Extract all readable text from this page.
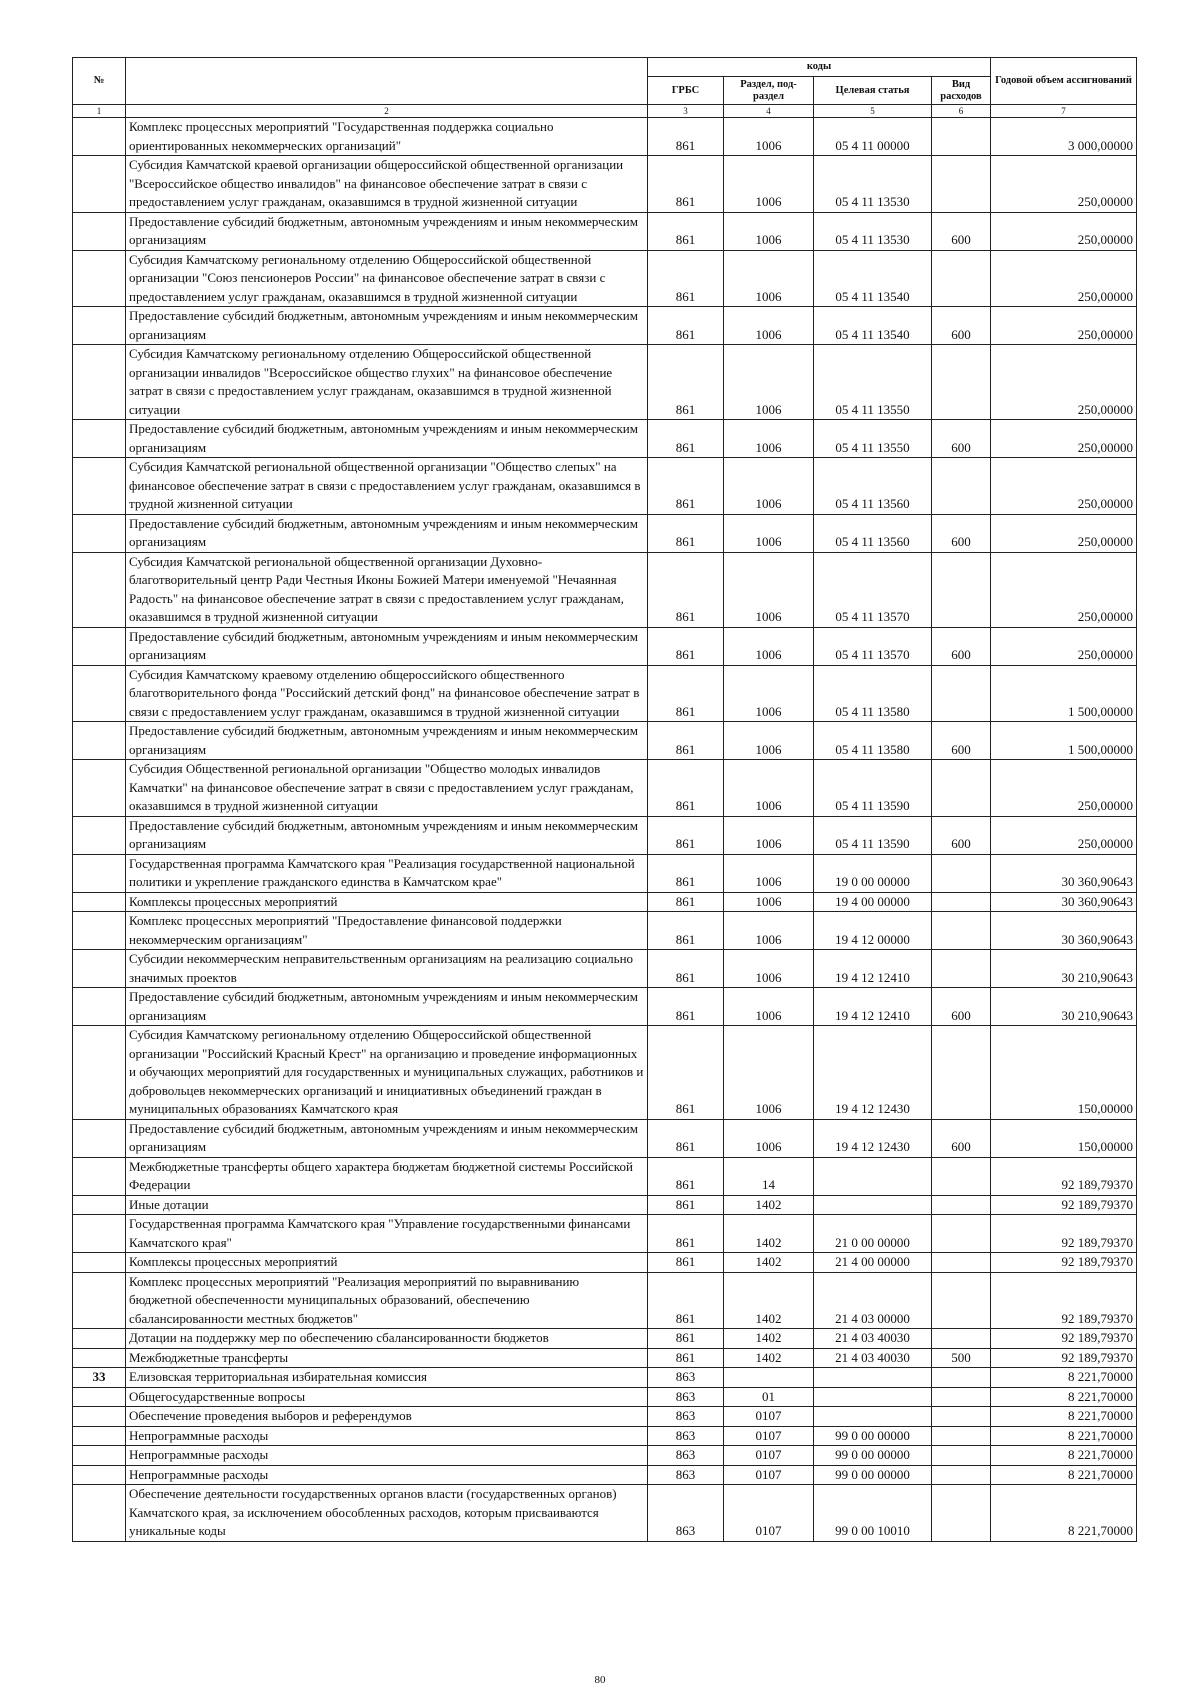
№		коды				Годовой объем ассигнований
		ГРБС	Раздел, под-раздел	Целевая статья	Вид расходов	
1	2	3	4	5	6	7
	Комплекс процессных мероприятий "Государственная поддержка социально ориентированных некоммерческих организаций"	861	1006	05 4 11 00000		3 000,00000
	Субсидия Камчатской краевой организации общероссийской общественной организации "Всероссийское общество инвалидов" на финансовое обеспечение затрат в связи с предоставлением услуг гражданам, оказавшимся в трудной жизненной ситуации	861	1006	05 4 11 13530		250,00000
	Предоставление субсидий бюджетным, автономным учреждениям и иным некоммерческим организациям	861	1006	05 4 11 13530	600	250,00000
	Субсидия Камчатскому региональному отделению Общероссийской общественной организации "Союз пенсионеров России" на финансовое обеспечение затрат в связи с предоставлением услуг гражданам, оказавшимся в трудной жизненной ситуации	861	1006	05 4 11 13540		250,00000
	Предоставление субсидий бюджетным, автономным учреждениям и иным некоммерческим организациям	861	1006	05 4 11 13540	600	250,00000
	Субсидия Камчатскому региональному отделению Общероссийской общественной организации инвалидов "Всероссийское общество глухих" на финансовое обеспечение затрат в связи с предоставлением услуг гражданам, оказавшимся в трудной жизненной ситуации	861	1006	05 4 11 13550		250,00000
	Предоставление субсидий бюджетным, автономным учреждениям и иным некоммерческим организациям	861	1006	05 4 11 13550	600	250,00000
	Субсидия Камчатской региональной общественной организации "Общество слепых" на финансовое обеспечение затрат в связи с предоставлением услуг гражданам, оказавшимся в трудной жизненной ситуации	861	1006	05 4 11 13560		250,00000
	Предоставление субсидий бюджетным, автономным учреждениям и иным некоммерческим организациям	861	1006	05 4 11 13560	600	250,00000
	Субсидия Камчатской региональной общественной организации Духовно-благотворительный центр Ради Честныя Иконы Божией Матери именуемой "Нечаянная Радость" на финансовое обеспечение затрат в связи с предоставлением услуг гражданам, оказавшимся в трудной жизненной ситуации	861	1006	05 4 11 13570		250,00000
	Предоставление субсидий бюджетным, автономным учреждениям и иным некоммерческим организациям	861	1006	05 4 11 13570	600	250,00000
	Субсидия Камчатскому краевому отделению общероссийского общественного благотворительного фонда "Российский детский фонд" на финансовое обеспечение затрат в связи с предоставлением услуг гражданам, оказавшимся в трудной жизненной ситуации	861	1006	05 4 11 13580		1 500,00000
	Предоставление субсидий бюджетным, автономным учреждениям и иным некоммерческим организациям	861	1006	05 4 11 13580	600	1 500,00000
	Субсидия Общественной региональной организации "Общество молодых инвалидов Камчатки" на финансовое обеспечение затрат в связи с предоставлением услуг гражданам, оказавшимся в трудной жизненной ситуации	861	1006	05 4 11 13590		250,00000
	Предоставление субсидий бюджетным, автономным учреждениям и иным некоммерческим организациям	861	1006	05 4 11 13590	600	250,00000
	Государственная программа Камчатского края "Реализация государственной национальной политики и укрепление гражданского единства в Камчатском крае"	861	1006	19 0 00 00000		30 360,90643
	Комплексы процессных мероприятий	861	1006	19 4 00 00000		30 360,90643
	Комплекс процессных мероприятий "Предоставление финансовой поддержки некоммерческим организациям"	861	1006	19 4 12 00000		30 360,90643
	Субсидии некоммерческим неправительственным организациям на реализацию социально значимых проектов	861	1006	19 4 12 12410		30 210,90643
	Предоставление субсидий бюджетным, автономным учреждениям и иным некоммерческим организациям	861	1006	19 4 12 12410	600	30 210,90643
	Субсидия Камчатскому региональному отделению Общероссийской общественной организации "Российский Красный Крест" на организацию и проведение информационных и обучающих мероприятий для государственных и муниципальных служащих, работников и добровольцев некоммерческих организаций и инициативных объединений граждан в муниципальных образованиях Камчатского края	861	1006	19 4 12 12430		150,00000
	Предоставление субсидий бюджетным, автономным учреждениям и иным некоммерческим организациям	861	1006	19 4 12 12430	600	150,00000
	Межбюджетные трансферты общего характера бюджетам бюджетной системы Российской Федерации	861	14			92 189,79370
	Иные дотации	861	1402			92 189,79370
	Государственная программа Камчатского края "Управление государственными финансами Камчатского края"	861	1402	21 0 00 00000		92 189,79370
	Комплексы процессных мероприятий	861	1402	21 4 00 00000		92 189,79370
	Комплекс процессных мероприятий "Реализация мероприятий по выравниванию бюджетной обеспеченности муниципальных образований, обеспечению сбалансированности местных бюджетов"	861	1402	21 4 03 00000		92 189,79370
	Дотации на поддержку мер по обеспечению сбалансированности бюджетов	861	1402	21 4 03 40030		92 189,79370
	Межбюджетные трансферты	861	1402	21 4 03 40030	500	92 189,79370
33	Елизовская территориальная избирательная комиссия	863				8 221,70000
	Общегосударственные вопросы	863	01			8 221,70000
	Обеспечение проведения выборов и референдумов	863	0107			8 221,70000
	Непрограммные расходы	863	0107	99 0 00 00000		8 221,70000
	Непрограммные расходы	863	0107	99 0 00 00000		8 221,70000
	Непрограммные расходы	863	0107	99 0 00 00000		8 221,70000
	Обеспечение деятельности государственных органов власти (государственных органов) Камчатского края, за исключением обособленных расходов, которым присваиваются уникальные коды	863	0107	99 0 00 10010		8 221,70000
80
